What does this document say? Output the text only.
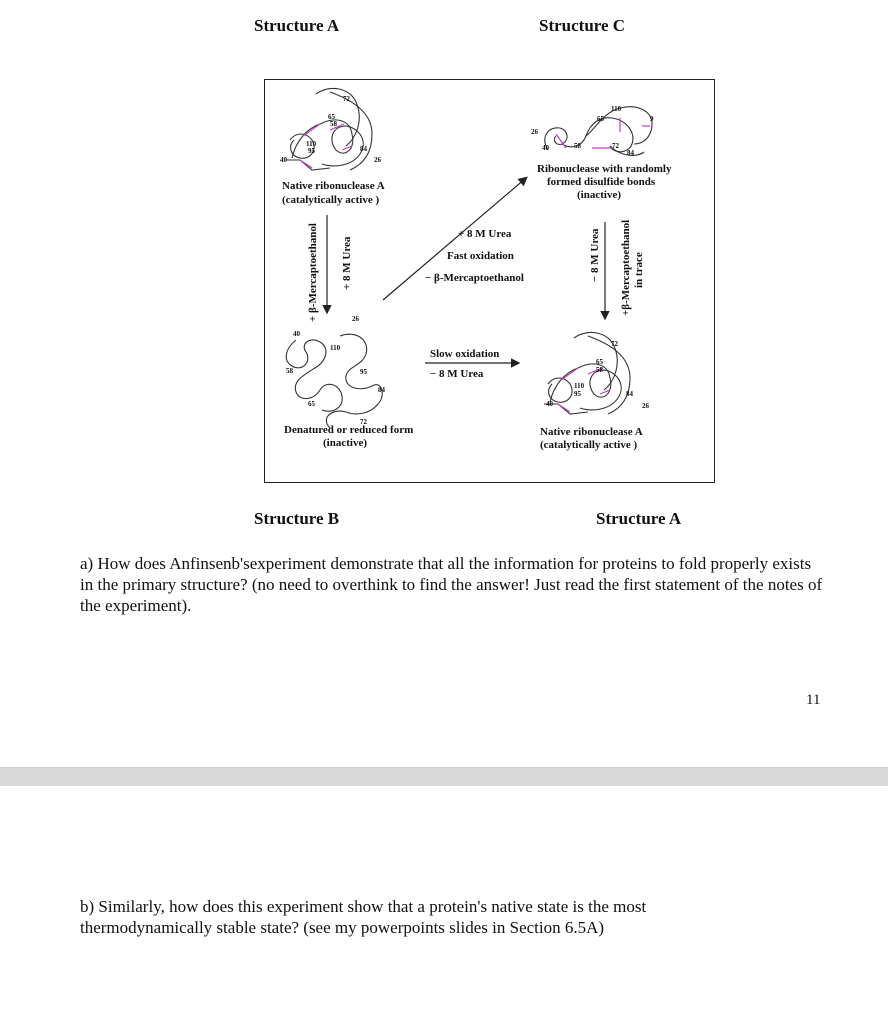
Structure A	Structure C
72
65
58
110
95	84
40	26
Native ribonuclease A
(catalytically active )
110
65	9
26
40	58	72
84
Ribonuclease with randomly
formed disulfide bonds
(inactive)
+ β-Mercaptoethanol + 8 M Urea
+ 8 M Urea
Fast oxidation
− β-Mercaptoethanol	− 8 M Urea +β-Mercaptoethanol in trace
40
26
110
58	95
84
65
72
Denatured or reduced form
(inactive)
Slow oxidation
− 8 M Urea
72
65
58
110
95	84
40	26
Native ribonuclease A
(catalytically active )
Structure B	Structure A
a) How does Anfinsenb'sexperiment demonstrate that all the information for proteins to fold properly exists in the primary structure? (no need to overthink to find the answer! Just read the first statement of the notes of the experiment).
11
b) Similarly, how does this experiment show that a protein's native state is the most thermodynamically stable state? (see my powerpoints slides in Section 6.5A)
